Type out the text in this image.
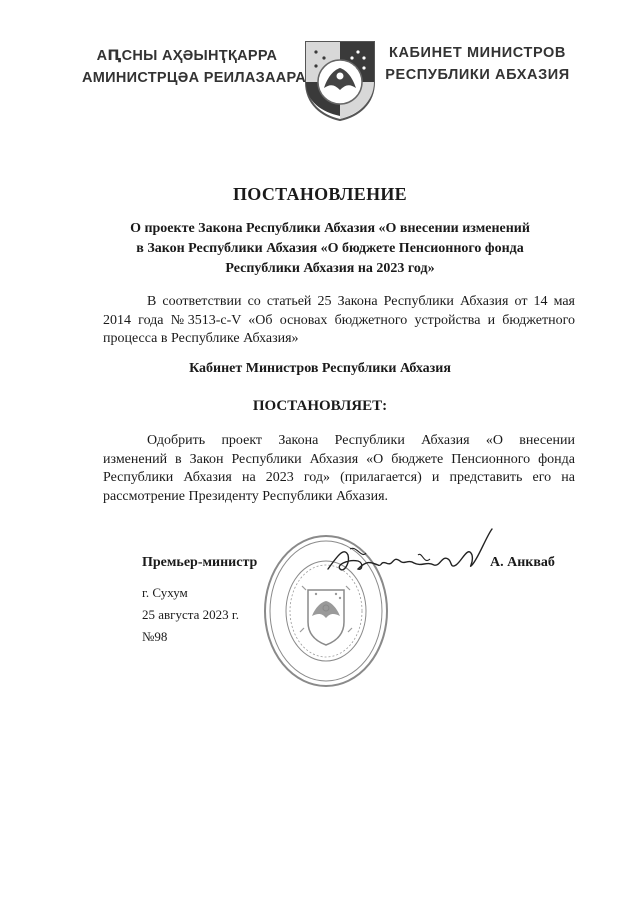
АԤСНЫ АҲӘЫНҬҚАРРА
АМИНИСТРЦӘА РЕИЛАЗААРА
КАБИНЕТ МИНИСТРОВ
РЕСПУБЛИКИ АБХАЗИЯ
ПОСТАНОВЛЕНИЕ
О проекте Закона Республики Абхазия «О внесении изменений
в Закон Республики Абхазия «О бюджете Пенсионного фонда
Республики Абхазия на 2023 год»
В соответствии со статьей 25 Закона Республики Абхазия от 14 мая
2014 года №3513-с-V «Об основах бюджетного устройства и бюджетного
процесса в Республике Абхазия»
Кабинет Министров Республики Абхазия
ПОСТАНОВЛЯЕТ:
Одобрить проект Закона Республики Абхазия «О внесении
изменений в Закон Республики Абхазия «О бюджете Пенсионного фонда
Республики Абхазия на 2023 год» (прилагается) и представить его на
рассмотрение Президенту Республики Абхазия.
Премьер-министр	А. Анкваб
г. Сухум
25 августа 2023 г.
№98
